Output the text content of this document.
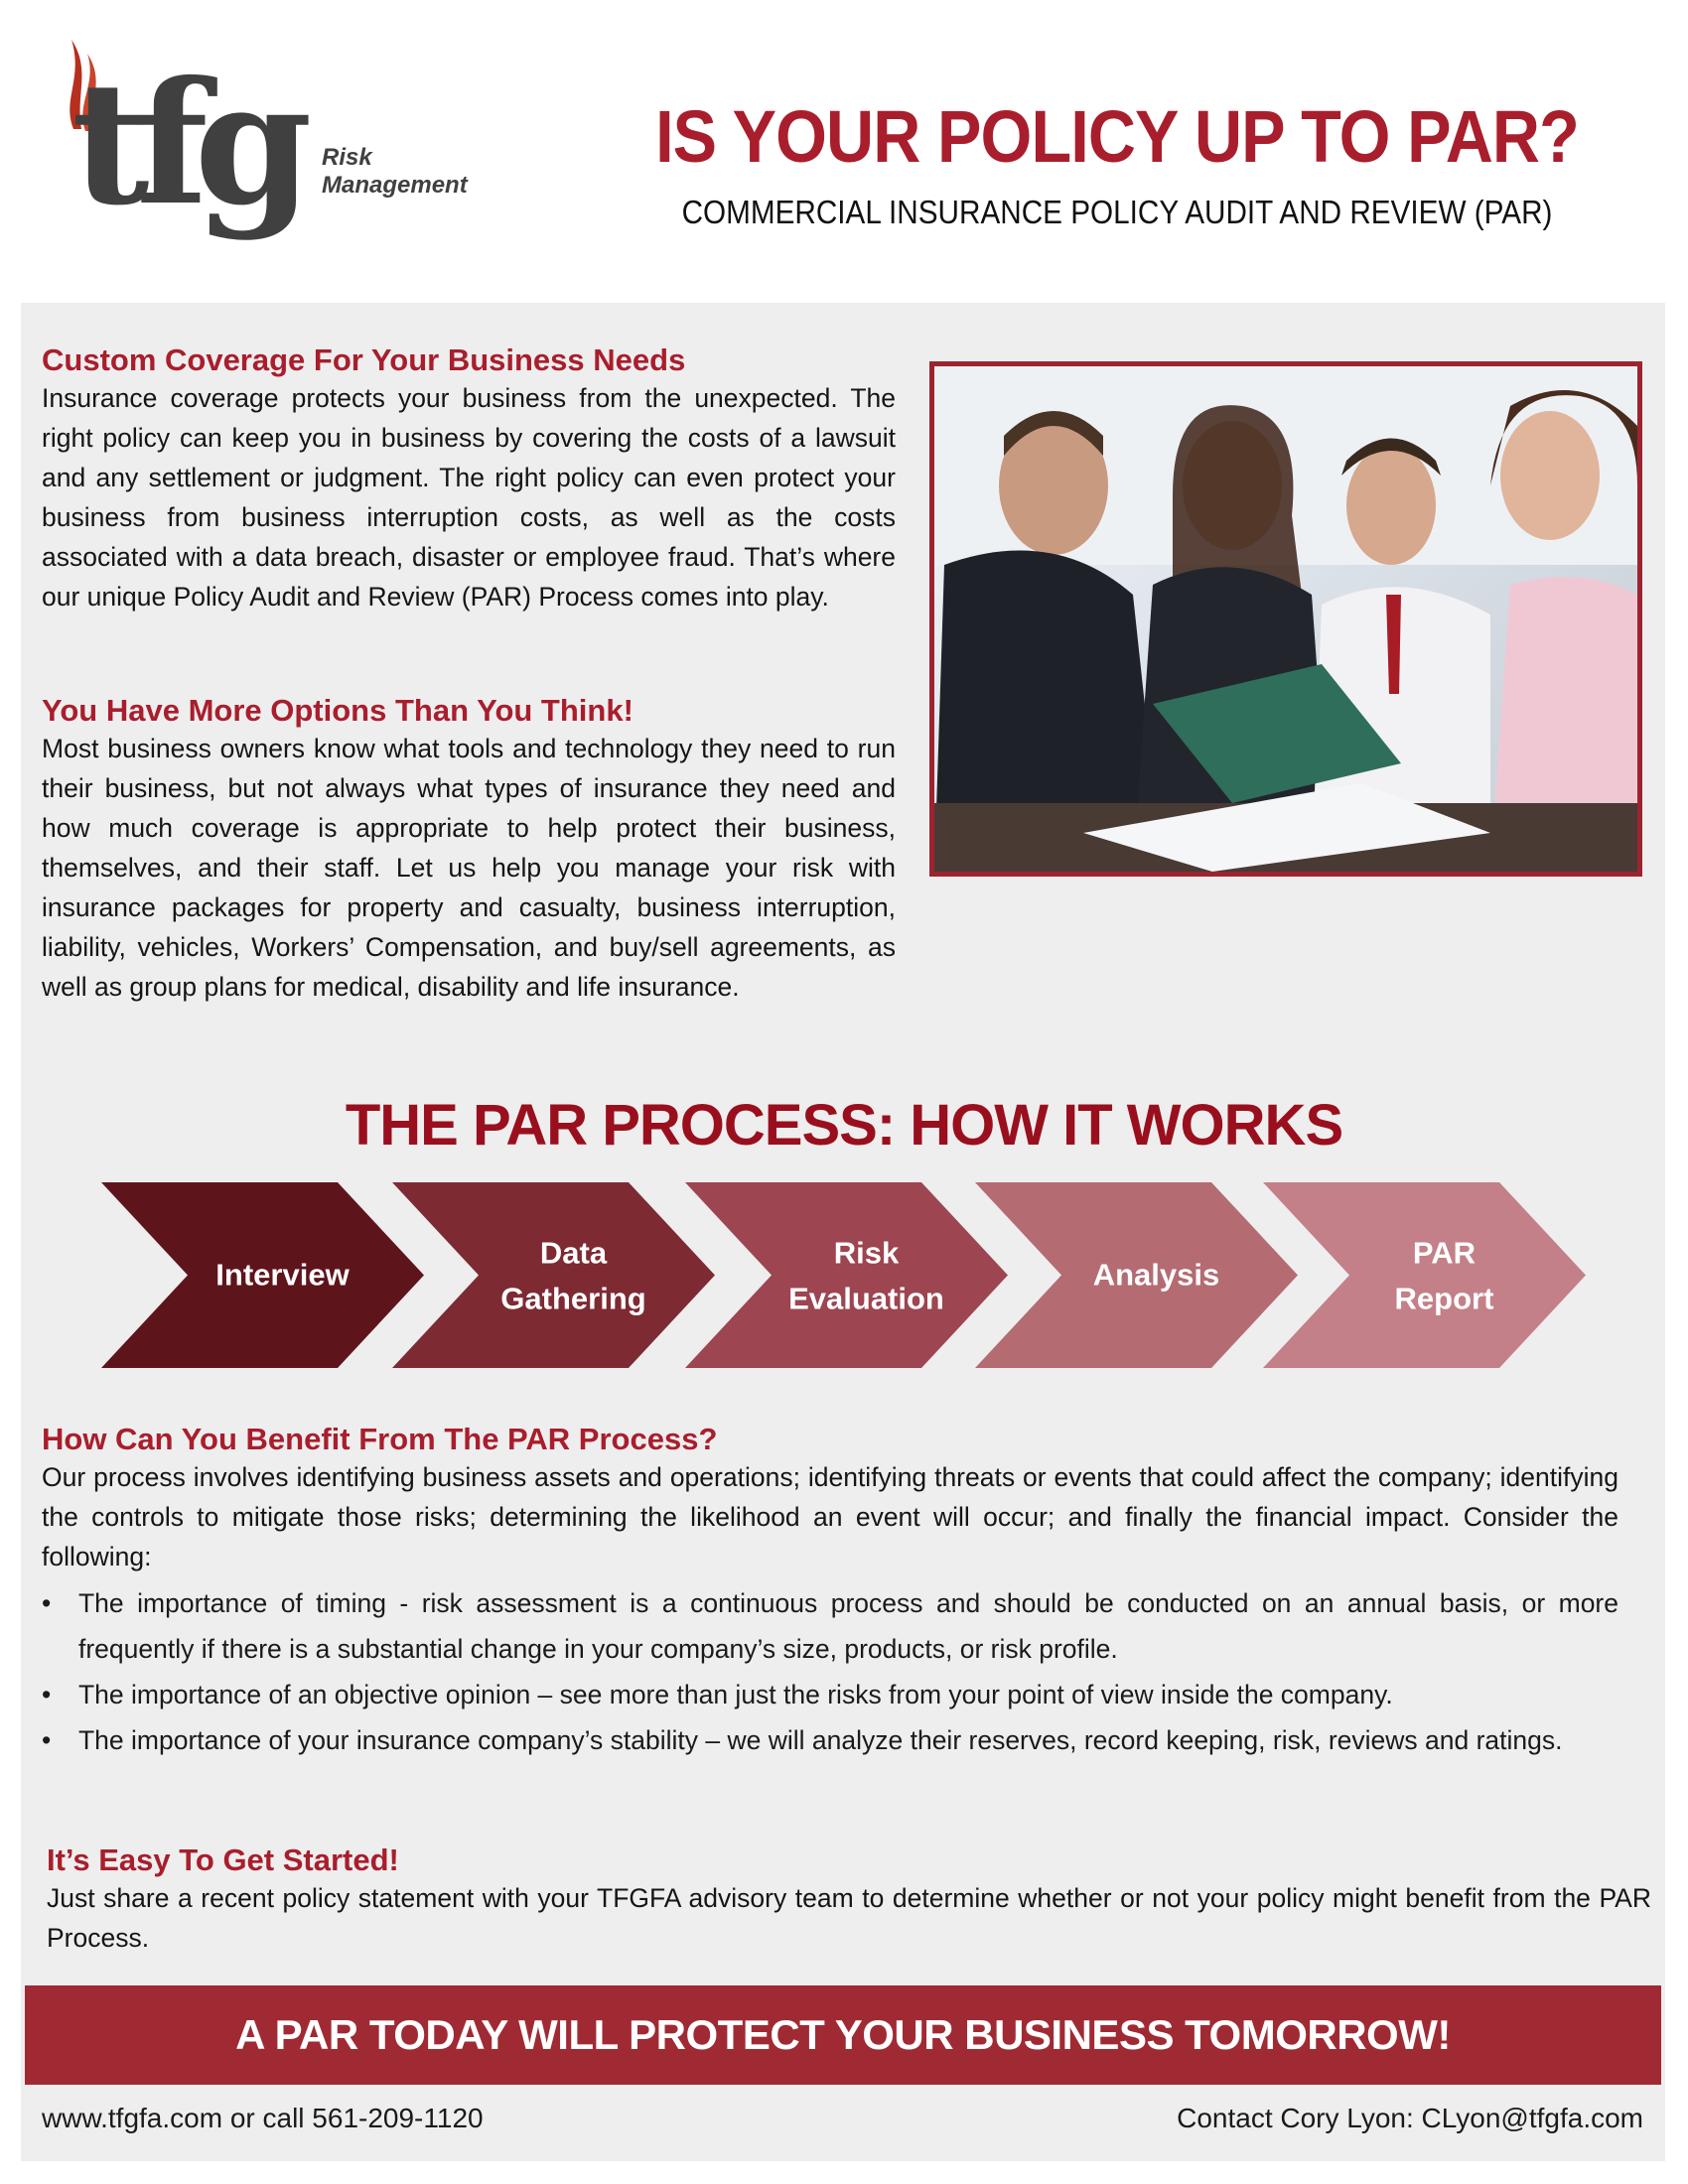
tfg Risk
Management
IS YOUR POLICY UP TO PAR?
COMMERCIAL INSURANCE POLICY AUDIT AND REVIEW (PAR)
Custom Coverage For Your Business Needs
Insurance coverage protects your business from the unexpected. The right policy can keep you in business by covering the costs of a lawsuit and any settlement or judgment. The right policy can even protect your business from business interruption costs, as well as the costs associated with a data breach, disaster or employee fraud. That’s where our unique Policy Audit and Review (PAR) Process comes into play.
You Have More Options Than You Think!
Most business owners know what tools and technology they need to run their business, but not always what types of insurance they need and how much coverage is appropriate to help protect their business, themselves, and their staff. Let us help you manage your risk with insurance packages for property and casualty, business interruption, liability, vehicles, Workers’ Compensation, and buy/sell agreements, as well as group plans for medical, disability and life insurance.
THE PAR PROCESS: HOW IT WORKS
Interview
Data
Gathering
Risk
Evaluation
Analysis
PAR
Report
How Can You Benefit From The PAR Process?
Our process involves identifying business assets and operations; identifying threats or events that could affect the company; identifying the controls to mitigate those risks; determining the likelihood an event will occur; and finally the financial impact. Consider the following:
• The importance of timing - risk assessment is a continuous process and should be conducted on an annual basis, or more frequently if there is a substantial change in your company’s size, products, or risk profile.
• The importance of an objective opinion – see more than just the risks from your point of view inside the company.
• The importance of your insurance company’s stability – we will analyze their reserves, record keeping, risk, reviews and ratings.
It’s Easy To Get Started!
Just share a recent policy statement with your TFGFA advisory team to determine whether or not your policy might benefit from the PAR Process.
A PAR TODAY WILL PROTECT YOUR BUSINESS TOMORROW!
www.tfgfa.com or call 561-209-1120	Contact Cory Lyon: CLyon@tfgfa.com
